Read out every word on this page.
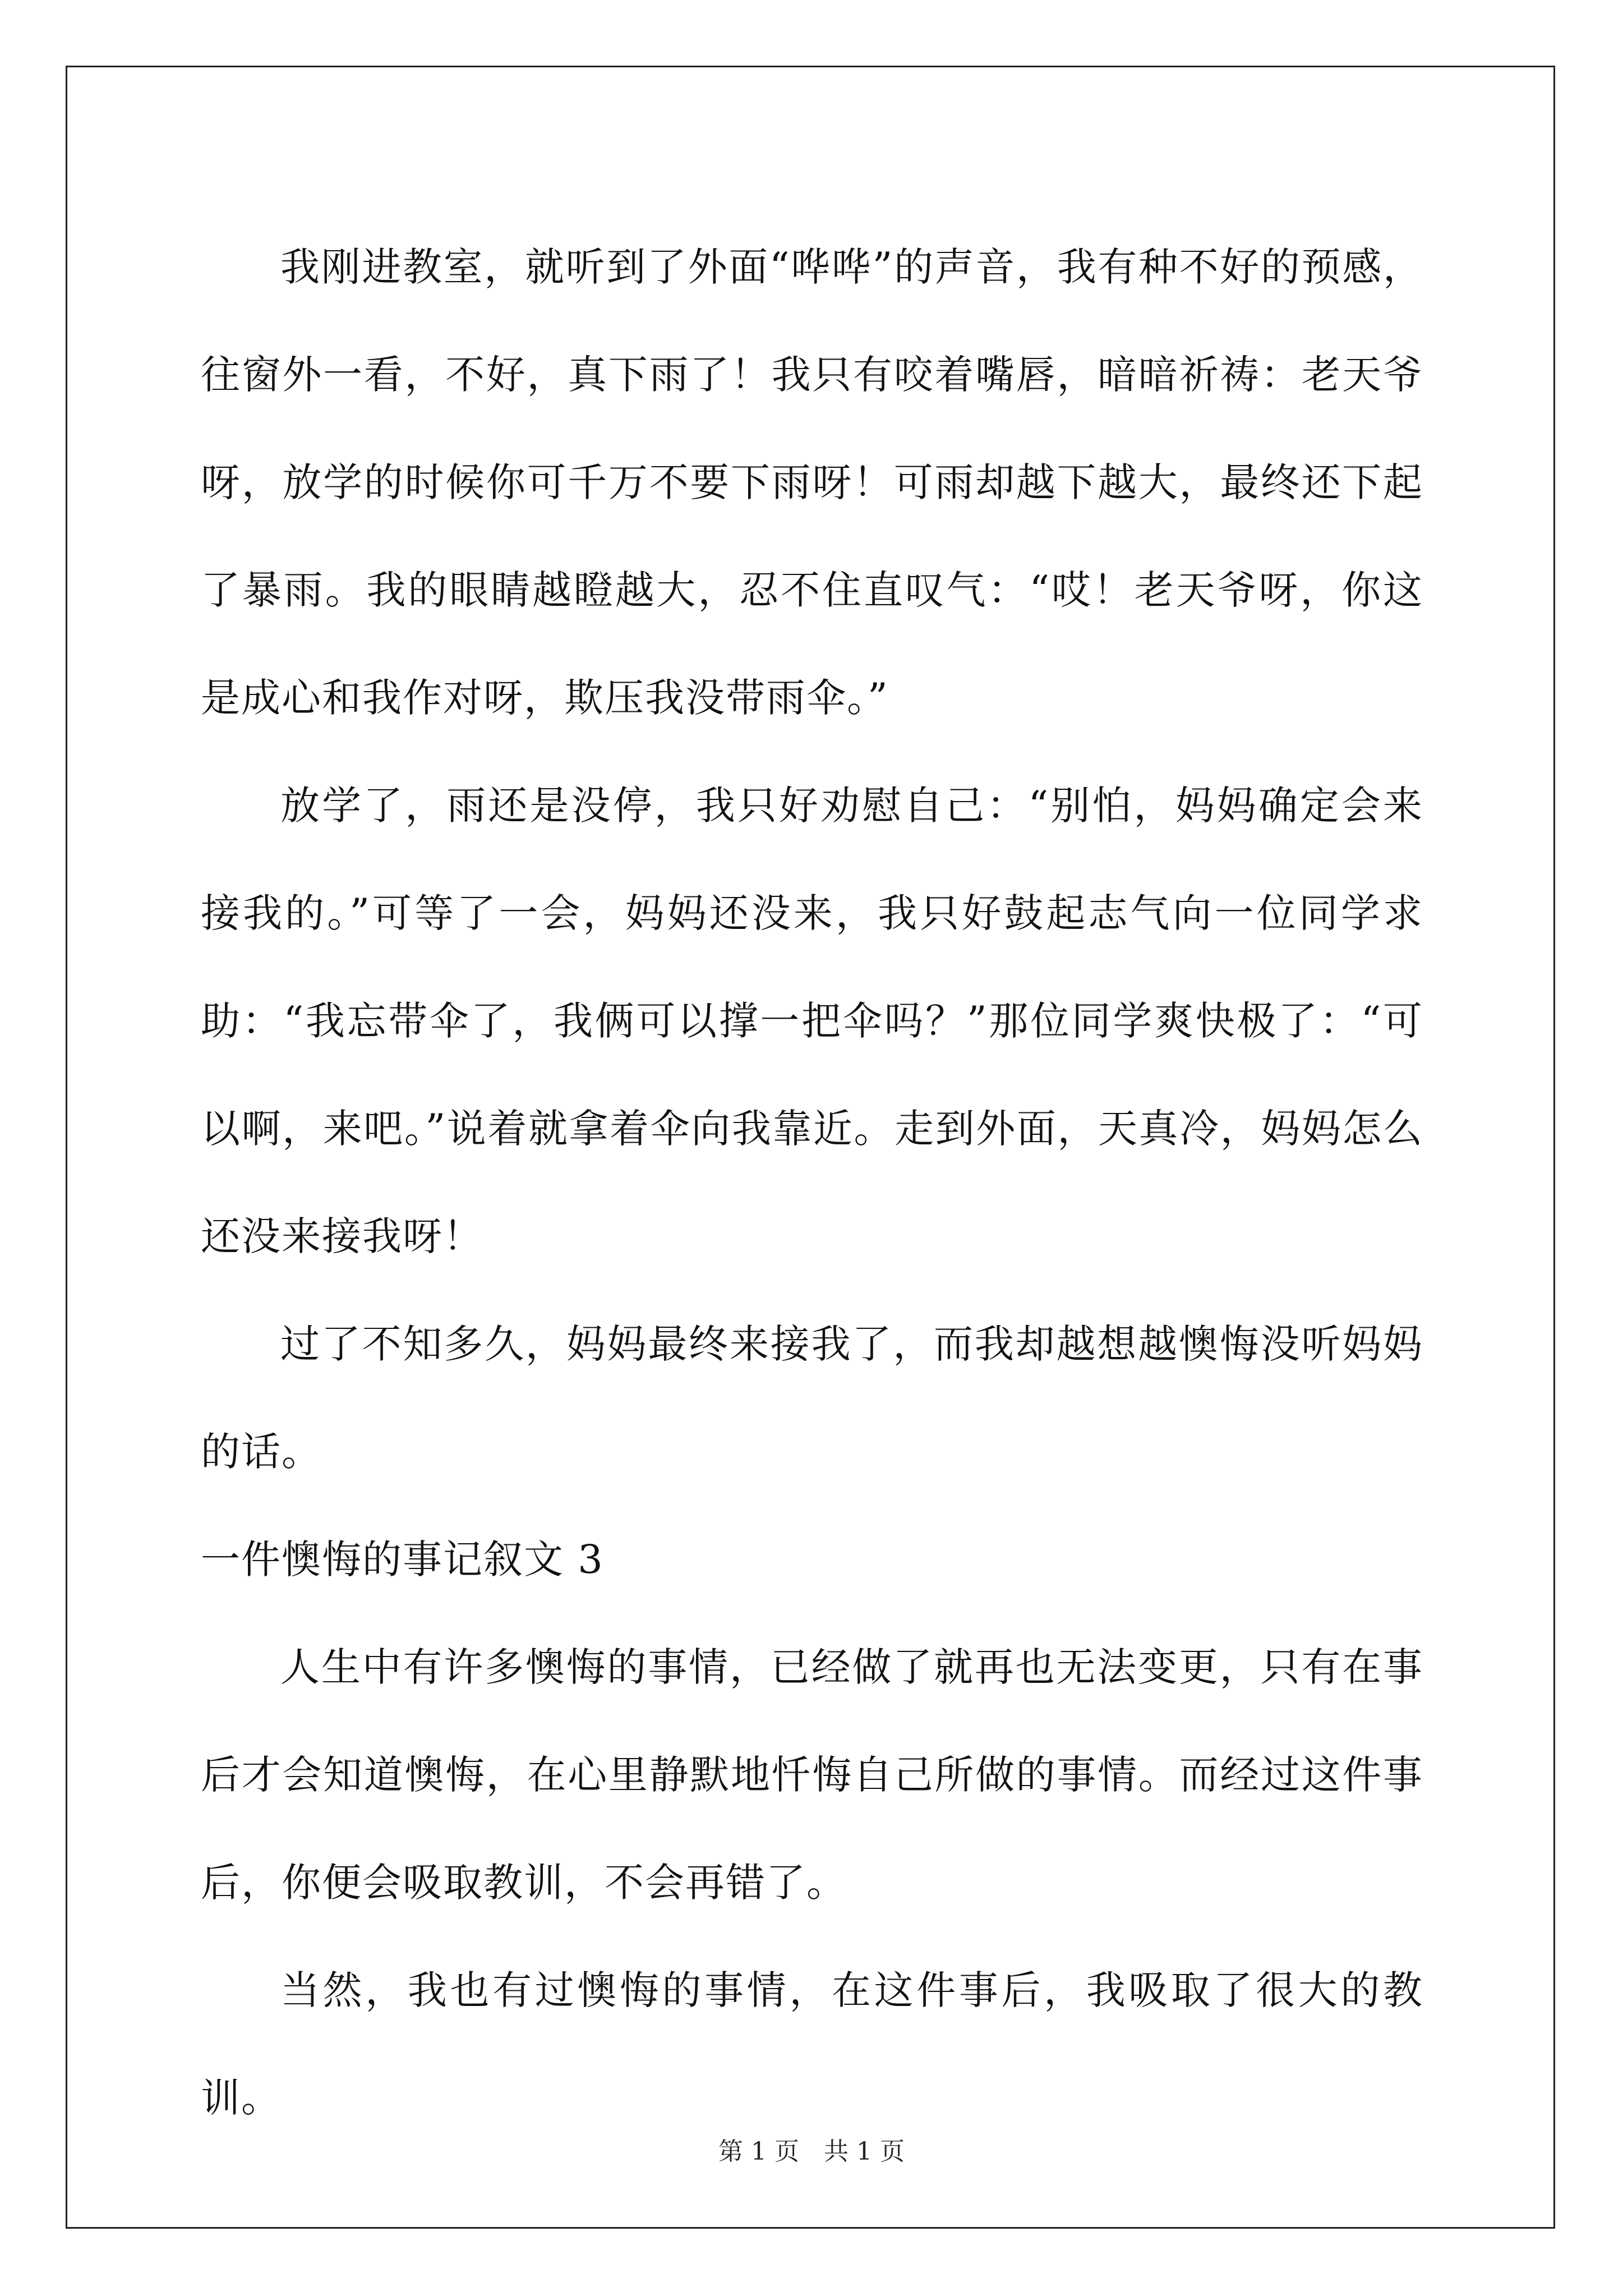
我刚进教室，就听到了外面“哗哗”的声音，我有种不好的预感，往窗外一看，不好，真下雨了！我只有咬着嘴唇，暗暗祈祷：老天爷呀，放学的时候你可千万不要下雨呀！可雨却越下越大，最终还下起了暴雨。我的眼睛越瞪越大，忍不住直叹气：“哎！老天爷呀，你这是成心和我作对呀，欺压我没带雨伞。”

放学了，雨还是没停，我只好劝慰自己：“别怕，妈妈确定会来接我的。”可等了一会，妈妈还没来，我只好鼓起志气向一位同学求助：“我忘带伞了，我俩可以撑一把伞吗？”那位同学爽快极了：“可以啊，来吧。”说着就拿着伞向我靠近。走到外面，天真冷，妈妈怎么还没来接我呀！

过了不知多久，妈妈最终来接我了，而我却越想越懊悔没听妈妈的话。

一件懊悔的事记叙文 3

人生中有许多懊悔的事情，已经做了就再也无法变更，只有在事后才会知道懊悔，在心里静默地忏悔自己所做的事情。而经过这件事后，你便会吸取教训，不会再错了。

当然，我也有过懊悔的事情，在这件事后，我吸取了很大的教训。

第 1 页　共 1 页
